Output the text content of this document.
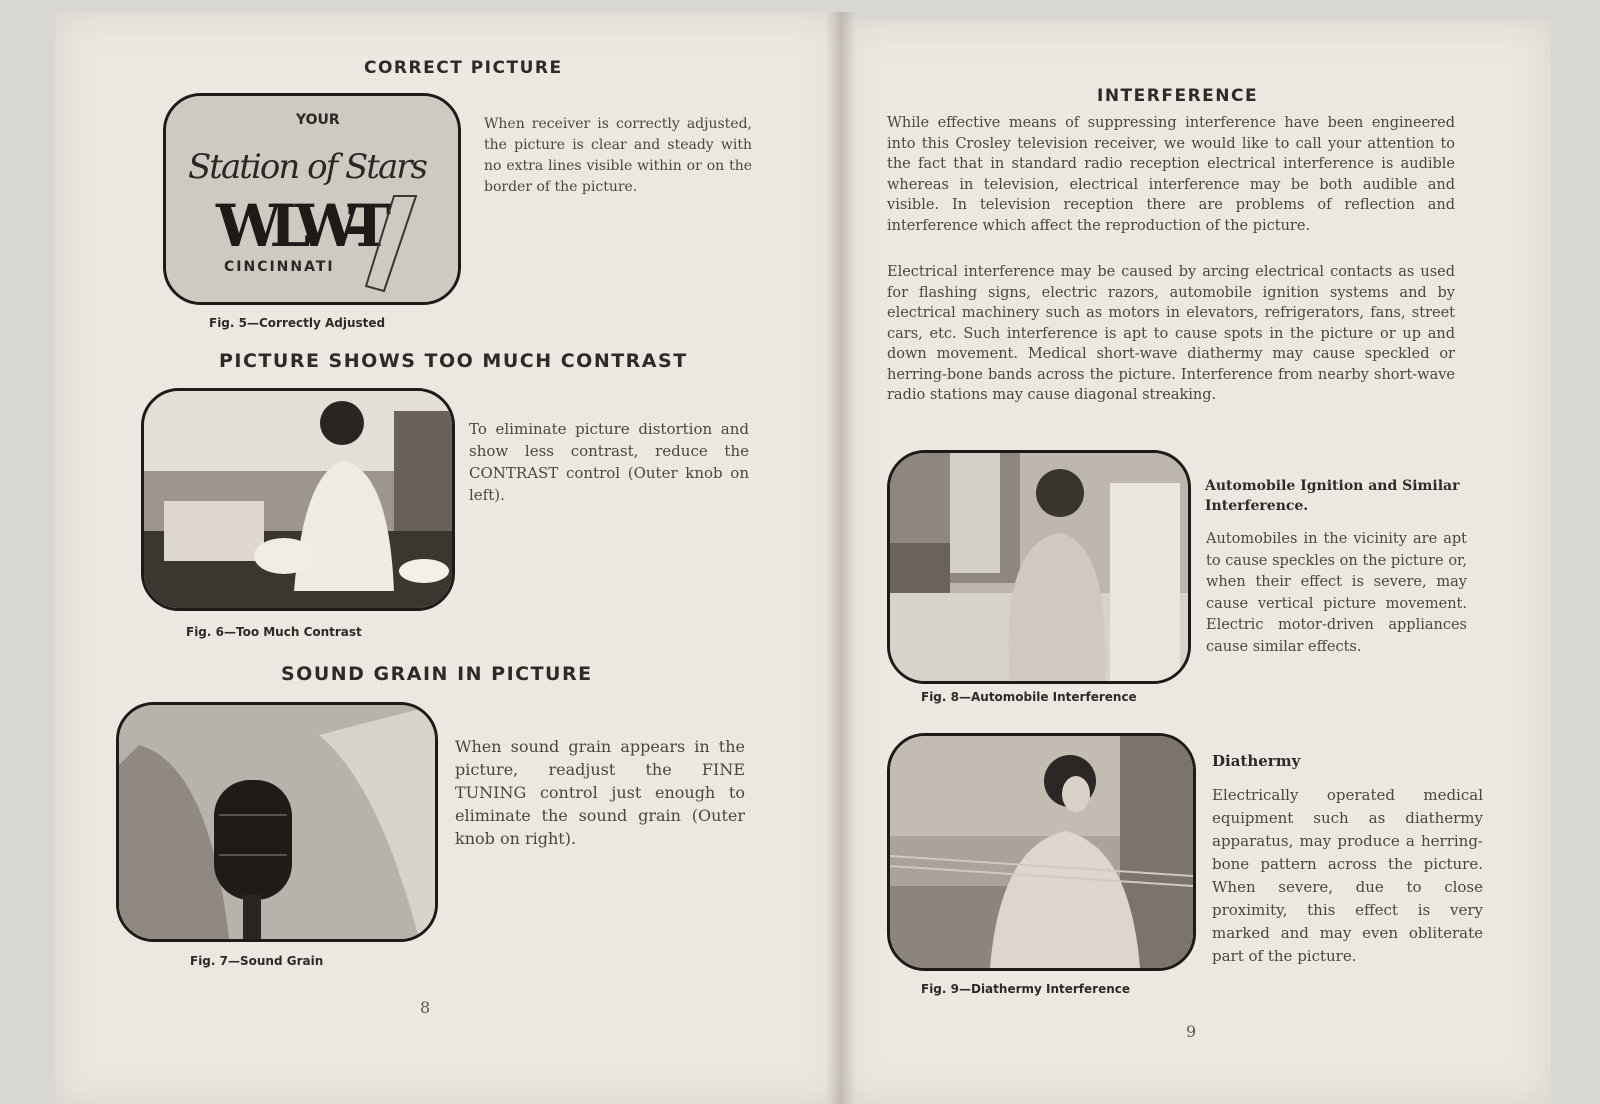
CORRECT PICTURE
YOUR
Station of Stars
WLW-T
CINCINNATI
When receiver is correctly adjusted, the picture is clear and steady with no extra lines visible within or on the border of the picture.
Fig. 5—Correctly Adjusted
PICTURE SHOWS TOO MUCH CONTRAST
To eliminate picture distortion and show less contrast, reduce the CONTRAST control (Outer knob on left).
Fig. 6—Too Much Contrast
SOUND GRAIN IN PICTURE
When sound grain appears in the picture, readjust the FINE TUNING control just enough to eliminate the sound grain (Outer knob on right).
Fig. 7—Sound Grain
8
INTERFERENCE
While effective means of suppressing interference have been engineered into this Crosley television receiver, we would like to call your attention to the fact that in standard radio reception electrical interference is audible whereas in television, electrical interference may be both audible and visible. In television reception there are problems of reflection and interference which affect the reproduction of the picture.
Electrical interference may be caused by arcing electrical contacts as used for flashing signs, electric razors, automobile ignition systems and by electrical machinery such as motors in elevators, refrigerators, fans, street cars, etc. Such interference is apt to cause spots in the picture or up and down movement. Medical short-wave diathermy may cause speckled or herring-bone bands across the picture. Interference from nearby short-wave radio stations may cause diagonal streaking.
Automobile Ignition and Similar Interference.
Automobiles in the vicinity are apt to cause speckles on the picture or, when their effect is severe, may cause vertical picture movement. Electric motor-driven appliances cause similar effects.
Fig. 8—Automobile Interference
Diathermy
Electrically operated medical equipment such as diathermy apparatus, may produce a herring-bone pattern across the picture. When severe, due to close proximity, this effect is very marked and may even obliterate part of the picture.
Fig. 9—Diathermy Interference
9
